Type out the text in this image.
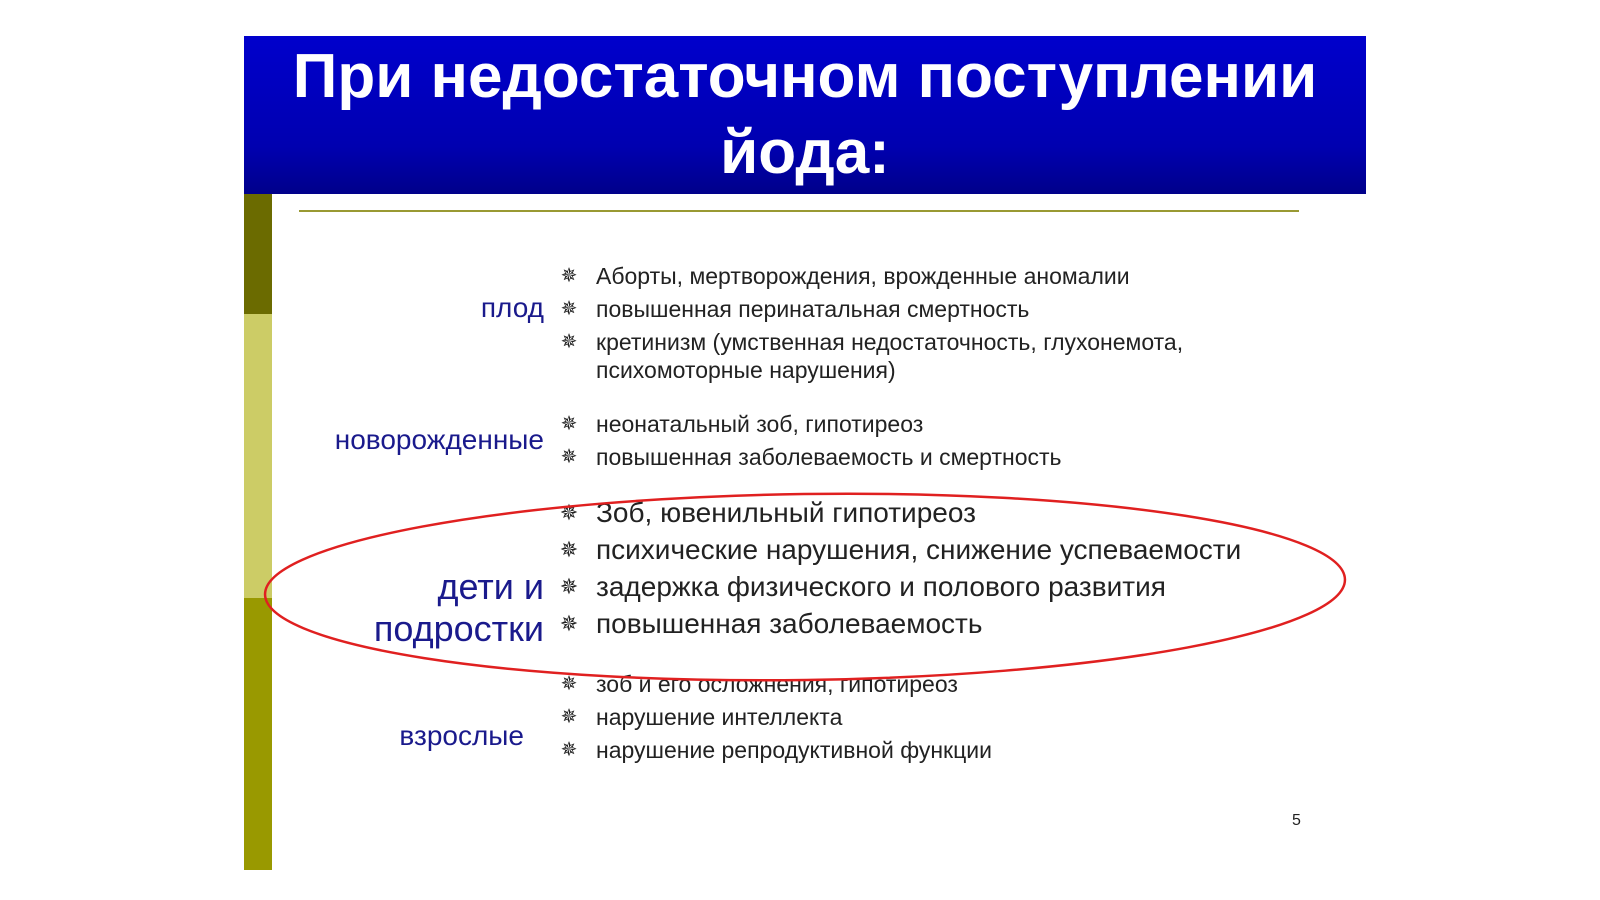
При недостаточном поступлении йода:
плод
✵ Аборты, мертворождения, врожденные аномалии
✵ повышенная перинатальная смертность
✵ кретинизм (умственная недостаточность, глухонемота, психомоторные нарушения)
новорожденные ✵ неонатальный зоб, гипотиреоз
✵ повышенная заболеваемость и смертность
дети и подростки
✵ Зоб, ювенильный гипотиреоз
✵ психические нарушения, снижение успеваемости
✵ задержка физического и полового развития
✵ повышенная заболеваемость
взрослые
✵ зоб и его осложнения, гипотиреоз
✵ нарушение интеллекта
✵ нарушение репродуктивной функции
5
